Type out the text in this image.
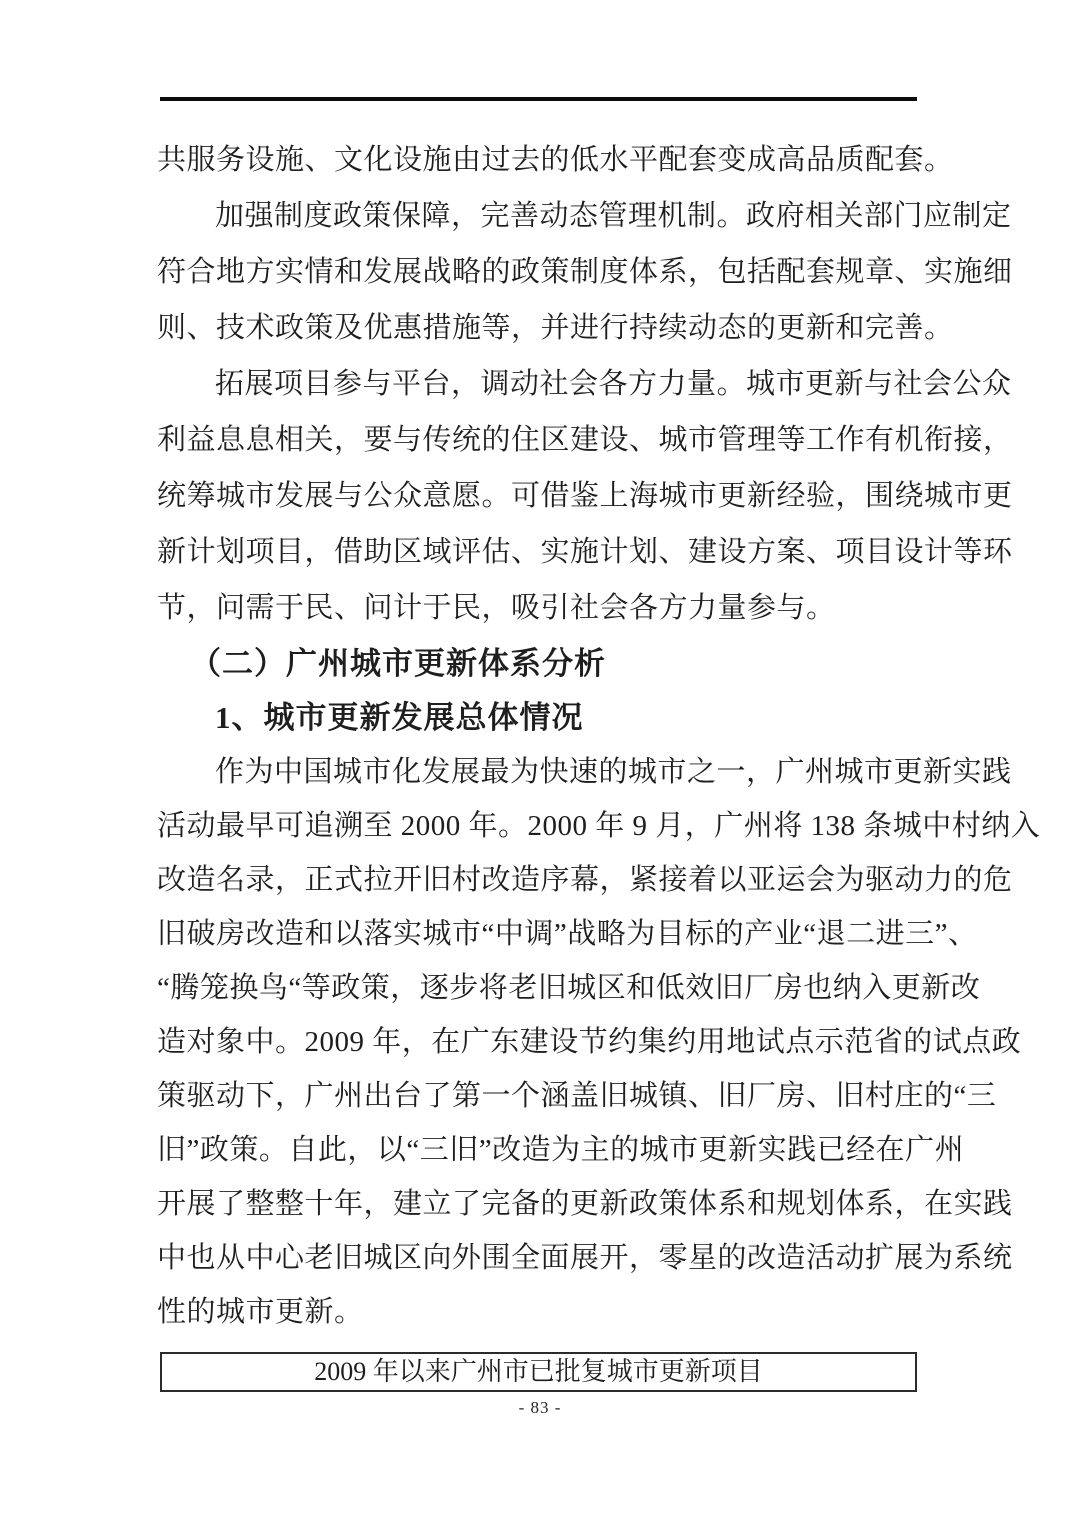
共服务设施、文化设施由过去的低水平配套变成高品质配套。
加强制度政策保障，完善动态管理机制。政府相关部门应制定
符合地方实情和发展战略的政策制度体系，包括配套规章、实施细
则、技术政策及优惠措施等，并进行持续动态的更新和完善。
拓展项目参与平台，调动社会各方力量。城市更新与社会公众
利益息息相关，要与传统的住区建设、城市管理等工作有机衔接，
统筹城市发展与公众意愿。可借鉴上海城市更新经验，围绕城市更
新计划项目，借助区域评估、实施计划、建设方案、项目设计等环
节，问需于民、问计于民，吸引社会各方力量参与。
（二）广州城市更新体系分析
1、城市更新发展总体情况
作为中国城市化发展最为快速的城市之一，广州城市更新实践
活动最早可追溯至 2000 年。2000 年 9 月，广州将 138 条城中村纳入
改造名录，正式拉开旧村改造序幕，紧接着以亚运会为驱动力的危
旧破房改造和以落实城市“中调”战略为目标的产业“退二进三”、
“腾笼换鸟“等政策，逐步将老旧城区和低效旧厂房也纳入更新改
造对象中。2009 年，在广东建设节约集约用地试点示范省的试点政
策驱动下，广州出台了第一个涵盖旧城镇、旧厂房、旧村庄的“三
旧”政策。自此，以“三旧”改造为主的城市更新实践已经在广州
开展了整整十年，建立了完备的更新政策体系和规划体系，在实践
中也从中心老旧城区向外围全面展开，零星的改造活动扩展为系统
性的城市更新。
2009 年以来广州市已批复城市更新项目
- 83 -
